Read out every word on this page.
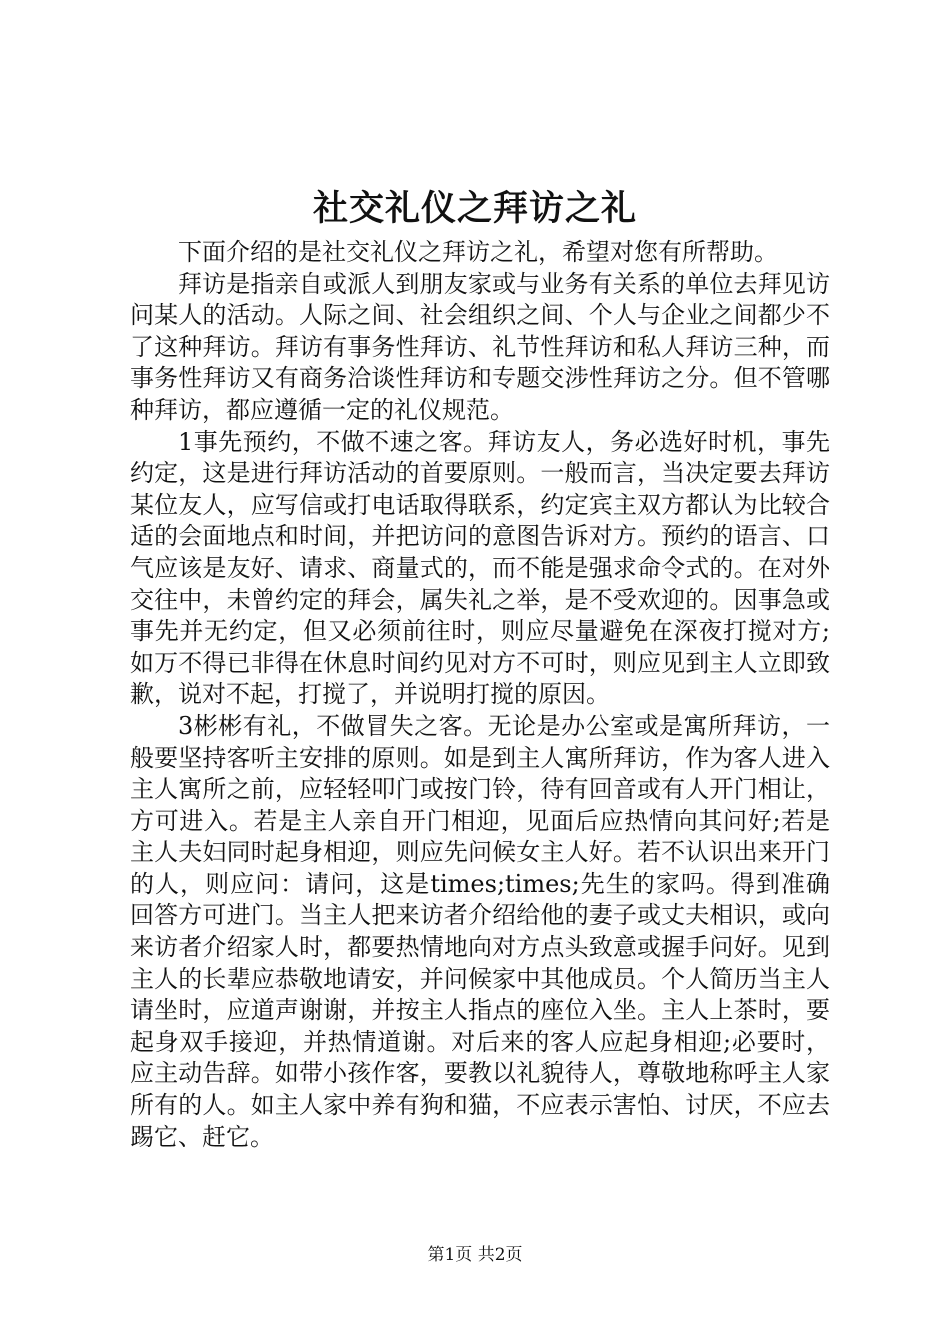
社交礼仪之拜访之礼

下面介绍的是社交礼仪之拜访之礼，希望对您有所帮助。

拜访是指亲自或派人到朋友家或与业务有关系的单位去拜见访问某人的活动。人际之间、社会组织之间、个人与企业之间都少不了这种拜访。拜访有事务性拜访、礼节性拜访和私人拜访三种，而事务性拜访又有商务洽谈性拜访和专题交涉性拜访之分。但不管哪种拜访，都应遵循一定的礼仪规范。

1事先预约，不做不速之客。拜访友人，务必选好时机，事先约定，这是进行拜访活动的首要原则。一般而言，当决定要去拜访某位友人，应写信或打电话取得联系，约定宾主双方都认为比较合适的会面地点和时间，并把访问的意图告诉对方。预约的语言、口气应该是友好、请求、商量式的，而不能是强求命令式的。在对外交往中，未曾约定的拜会，属失礼之举，是不受欢迎的。因事急或事先并无约定，但又必须前往时，则应尽量避免在深夜打搅对方;如万不得已非得在休息时间约见对方不可时，则应见到主人立即致歉，说对不起，打搅了，并说明打搅的原因。

3彬彬有礼，不做冒失之客。无论是办公室或是寓所拜访，一般要坚持客听主安排的原则。如是到主人寓所拜访，作为客人进入主人寓所之前，应轻轻叩门或按门铃，待有回音或有人开门相让，方可进入。若是主人亲自开门相迎，见面后应热情向其问好;若是主人夫妇同时起身相迎，则应先问候女主人好。若不认识出来开门的人，则应问：请问，这是times;times;先生的家吗。得到准确回答方可进门。当主人把来访者介绍给他的妻子或丈夫相识，或向来访者介绍家人时，都要热情地向对方点头致意或握手问好。见到主人的长辈应恭敬地请安，并问候家中其他成员。个人简历当主人请坐时，应道声谢谢，并按主人指点的座位入坐。主人上茶时，要起身双手接迎，并热情道谢。对后来的客人应起身相迎;必要时，应主动告辞。如带小孩作客，要教以礼貌待人，尊敬地称呼主人家所有的人。如主人家中养有狗和猫，不应表示害怕、讨厌，不应去踢它、赶它。

第1页 共2页
